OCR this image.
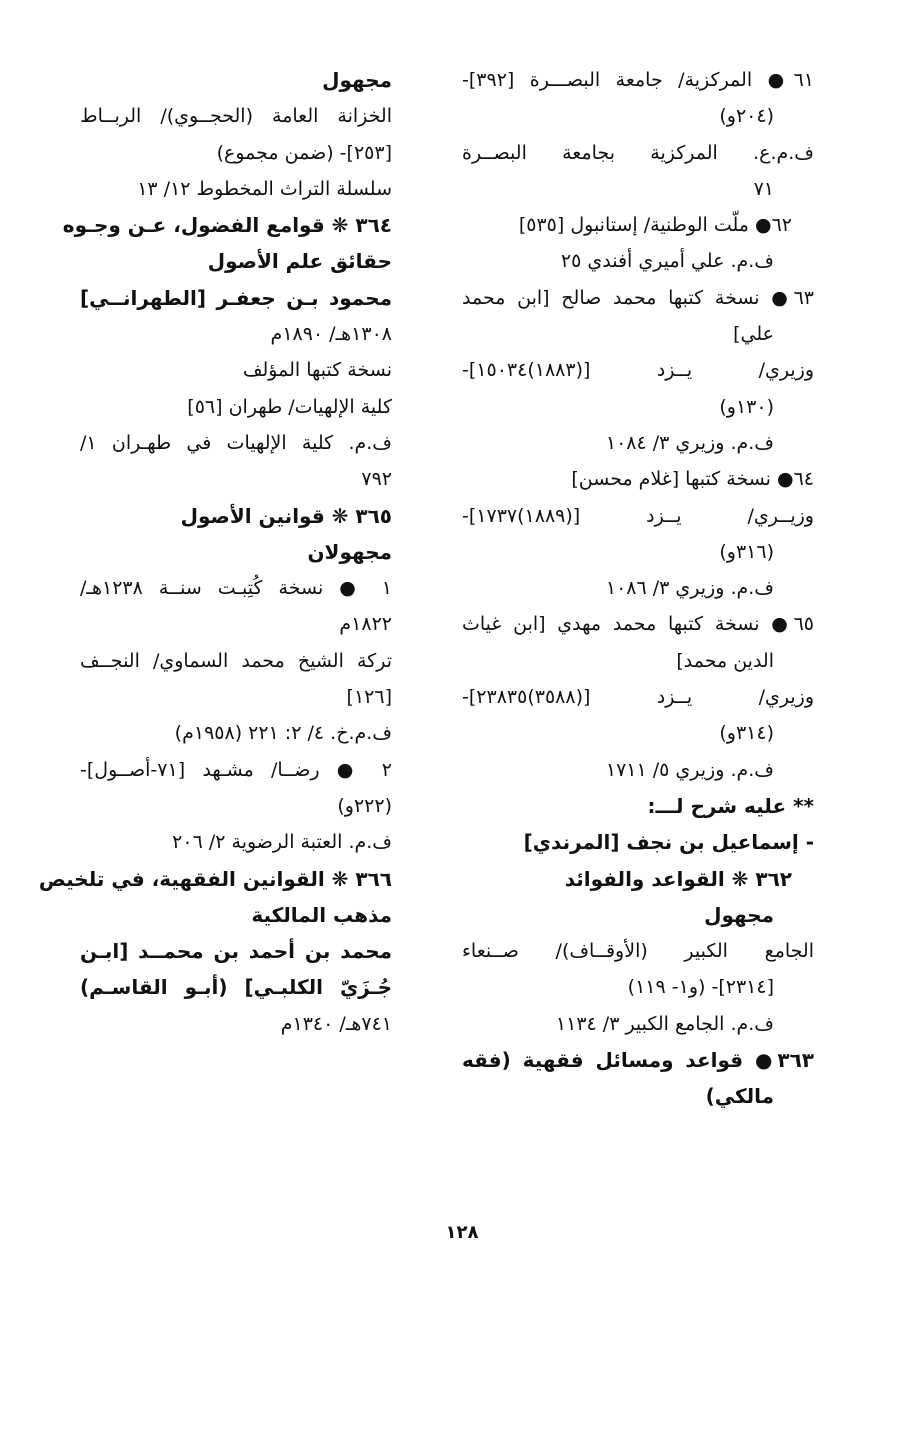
٦١● المركزية/ جامعة البصـــرة [٣٩٢]-
(٢٠٤و)
ف.م.ع. المركزية بجامعة البصــرة
٧١
٦٢● ملّت الوطنية/ إستانبول [٥٣٥]
ف.م. علي أميري أفندي ٢٥
٦٣● نسخة كتبها محمد صالح [ابن محمد
علي]
وزيري/ يــزد [(١٨٨٣)١٥٠٣٤]-
(١٣٠و)
ف.م. وزيري ٣/ ١٠٨٤
٦٤● نسخة كتبها [غلام محسن]
وزيــري/ يــزد [(١٨٨٩)١٧٣٧]-
(٣١٦و)
ف.م. وزيري ٣/ ١٠٨٦
٦٥● نسخة كتبها محمد مهدي [ابن غياث
الدين محمد]
وزيري/ يــزد [(٣٥٨٨)٢٣٨٣٥]-
(٣١٤و)
ف.م. وزيري ٥/ ١٧١١
** عليه شرح لـــ:
- إسماعيل بن نجف [المرندي]
٣٦٢ ❋ القواعد والفوائد
مجهول
الجامع الكبير (الأوقــاف)/ صــنعاء
[٢٣١٤]- (و١- ١١٩)
ف.م. الجامع الكبير ٣/ ١١٣٤
٣٦٣● قواعد ومسائل فقهية (فقه
مالكي)
مجهول
الخزانة العامة (الحجــوي)/ الربــاط
[٢٥٣]- (ضمن مجموع)
سلسلة التراث المخطوط ١٢/ ١٣
٣٦٤ ❋ قوامع الفضول، عـن وجـوه
حقائق علم الأصول
محمود بـن جعفـر [الطهرانــي]
١٣٠٨هـ/ ١٨٩٠م
نسخة كتبها المؤلف
كلية الإلهيات/ طهران [٥٦]
ف.م. كلية الإلهيات في طهـران ١/
٧٩٢
٣٦٥ ❋ قوانين الأصول
مجهولان
١ ● نسخة كُتِبـت سنــة ١٢٣٨هـ/
١٨٢٢م
تركة الشيخ محمد السماوي/ النجــف
[١٢٦]
ف.م.خ. ٤/ ٢: ٢٢١ (١٩٥٨م)
٢ ● رضــا/ مشـهد [٧١-أصــول]-
(٢٢٢و)
ف.م. العتبة الرضوية ٢/ ٢٠٦
٣٦٦ ❋ القوانين الفقهية، في تلخيص
مذهب المالكية
محمد بن أحمد بن محمــد [ابـن
جُـزَيّ الكلبـي] (أبـو القاسـم)
٧٤١هـ/ ١٣٤٠م
١٢٨
